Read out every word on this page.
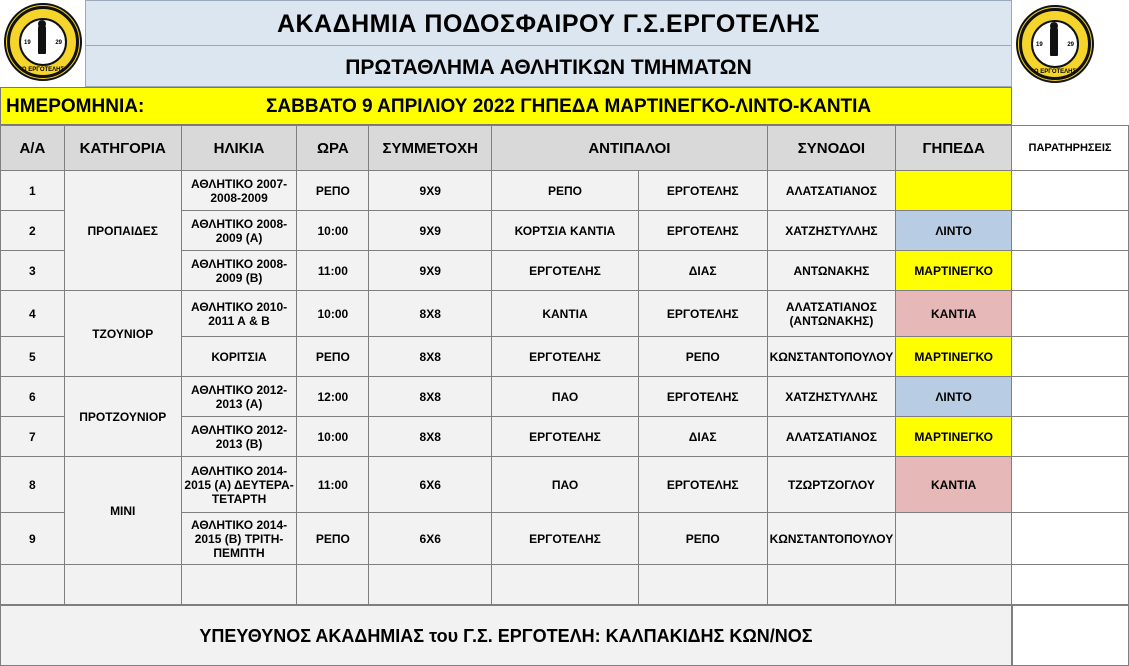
19	29
"Ο ΕΡΓΟΤΕΛΗΣ"
19	29
"Ο ΕΡΓΟΤΕΛΗΣ"
ΑΚΑΔΗΜΙΑ ΠΟΔΟΣΦΑΙΡΟΥ Γ.Σ.ΕΡΓΟΤΕΛΗΣ
ΠΡΩΤΑΘΛΗΜΑ ΑΘΛΗΤΙΚΩΝ ΤΜΗΜΑΤΩΝ
ΗΜΕΡΟΜΗΝΙΑ:	ΣΑΒΒΑΤΟ 9 ΑΠΡΙΛΙΟΥ 2022 ΓΗΠΕΔΑ ΜΑΡΤΙΝΕΓΚΟ-ΛΙΝΤΟ-ΚΑΝΤΙΑ
Α/Α	ΚΑΤΗΓΟΡΙΑ	ΗΛΙΚΙΑ	ΩΡΑ	ΣΥΜΜΕΤΟΧΗ	ΑΝΤΙΠΑΛΟΙ		ΣΥΝΟΔΟΙ	ΓΗΠΕΔΑ	ΠΑΡΑΤΗΡΗΣΕΙΣ
1	ΠΡΟΠΑΙΔΕΣ	ΑΘΛΗΤΙΚΟ 2007-2008-2009	ΡΕΠΟ	9Χ9	ΡΕΠΟ	ΕΡΓΟΤΕΛΗΣ	ΑΛΑΤΣΑΤΙΑΝΟΣ		
2		ΑΘΛΗΤΙΚΟ 2008-2009 (Α)	10:00	9Χ9	ΚΟΡΤΣΙΑ ΚΑΝΤΙΑ	ΕΡΓΟΤΕΛΗΣ	ΧΑΤΖΗΣΤΥΛΛΗΣ	ΛΙΝΤΟ	
3		ΑΘΛΗΤΙΚΟ 2008-2009 (Β)	11:00	9Χ9	ΕΡΓΟΤΕΛΗΣ	ΔΙΑΣ	ΑΝΤΩΝΑΚΗΣ	ΜΑΡΤΙΝΕΓΚΟ	
4	ΤΖΟΥΝΙΟΡ	ΑΘΛΗΤΙΚΟ 2010-2011 Α & Β	10:00	8Χ8	ΚΑΝΤΙΑ	ΕΡΓΟΤΕΛΗΣ	ΑΛΑΤΣΑΤΙΑΝΟΣ (ΑΝΤΩΝΑΚΗΣ)	ΚΑΝΤΙΑ	
5		ΚΟΡΙΤΣΙΑ	ΡΕΠΟ	8Χ8	ΕΡΓΟΤΕΛΗΣ	ΡΕΠΟ	ΚΩΝΣΤΑΝΤΟΠΟΥΛΟΥ	ΜΑΡΤΙΝΕΓΚΟ	
6	ΠΡΟΤΖΟΥΝΙΟΡ	ΑΘΛΗΤΙΚΟ 2012-2013 (Α)	12:00	8Χ8	ΠΑΟ	ΕΡΓΟΤΕΛΗΣ	ΧΑΤΖΗΣΤΥΛΛΗΣ	ΛΙΝΤΟ	
7		ΑΘΛΗΤΙΚΟ 2012-2013 (Β)	10:00	8Χ8	ΕΡΓΟΤΕΛΗΣ	ΔΙΑΣ	ΑΛΑΤΣΑΤΙΑΝΟΣ	ΜΑΡΤΙΝΕΓΚΟ	
8	ΜΙΝΙ	ΑΘΛΗΤΙΚΟ 2014-2015 (Α) ΔΕΥΤΕΡΑ-ΤΕΤΑΡΤΗ	11:00	6Χ6	ΠΑΟ	ΕΡΓΟΤΕΛΗΣ	ΤΖΩΡΤΖΟΓΛΟΥ	ΚΑΝΤΙΑ	
9		ΑΘΛΗΤΙΚΟ 2014-2015 (Β) ΤΡΙΤΗ-ΠΕΜΠΤΗ	ΡΕΠΟ	6Χ6	ΕΡΓΟΤΕΛΗΣ	ΡΕΠΟ	ΚΩΝΣΤΑΝΤΟΠΟΥΛΟΥ		

ΥΠΕΥΘΥΝΟΣ ΑΚΑΔΗΜΙΑΣ του Γ.Σ. ΕΡΓΟΤΕΛΗ: ΚΑΛΠΑΚΙΔΗΣ ΚΩΝ/ΝΟΣ
